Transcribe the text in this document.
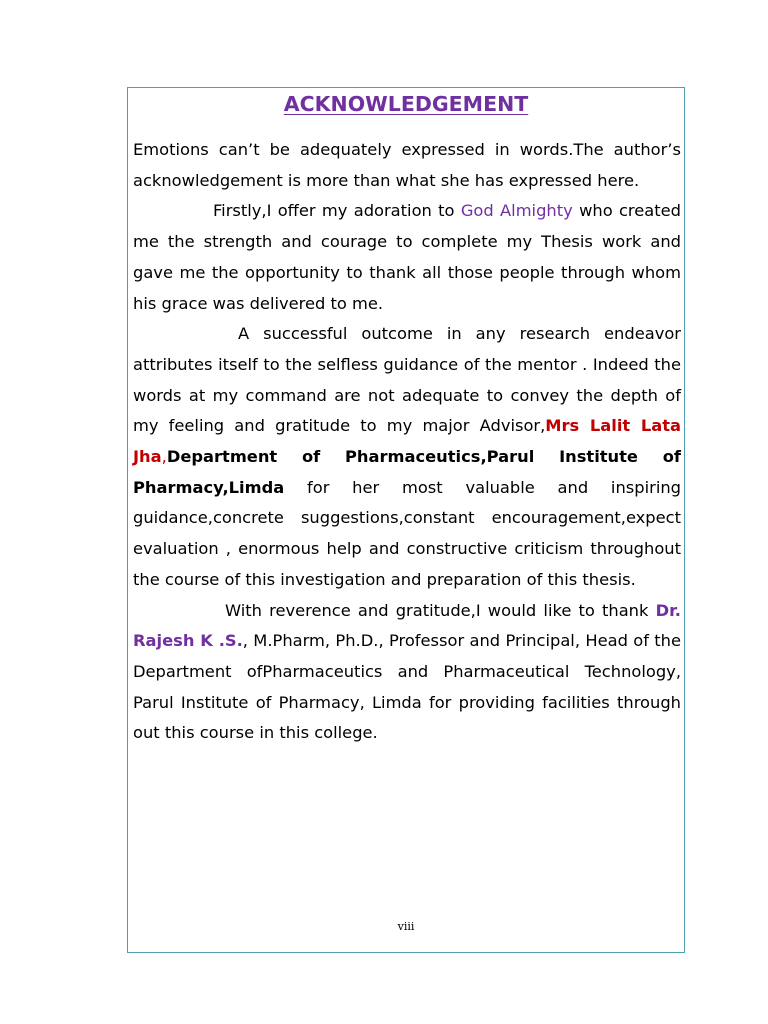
ACKNOWLEDGEMENT

Emotions can’t be adequately expressed in words.The author’s acknowledgement is more than what she has expressed here.

Firstly,I offer my adoration to God Almighty who created me the strength and courage to complete my Thesis work and gave me the opportunity to thank all those people through whom his grace was delivered to me.

A successful outcome in any research endeavor attributes itself to the selfless guidance of the mentor . Indeed the words at my command are not adequate to convey the depth of my feeling and gratitude to my major Advisor,Mrs Lalit Lata Jha,Department of Pharmaceutics,Parul Institute of Pharmacy,Limda for her most valuable and inspiring guidance,concrete suggestions,constant encouragement,expect evaluation , enormous help and constructive criticism throughout the course of this investigation and preparation of this thesis.

With reverence and gratitude,I would like to thank Dr. Rajesh K .S., M.Pharm, Ph.D., Professor and Principal, Head of the Department ofPharmaceutics and Pharmaceutical Technology, Parul Institute of Pharmacy, Limda for providing facilities through out this course in this college.

viii
